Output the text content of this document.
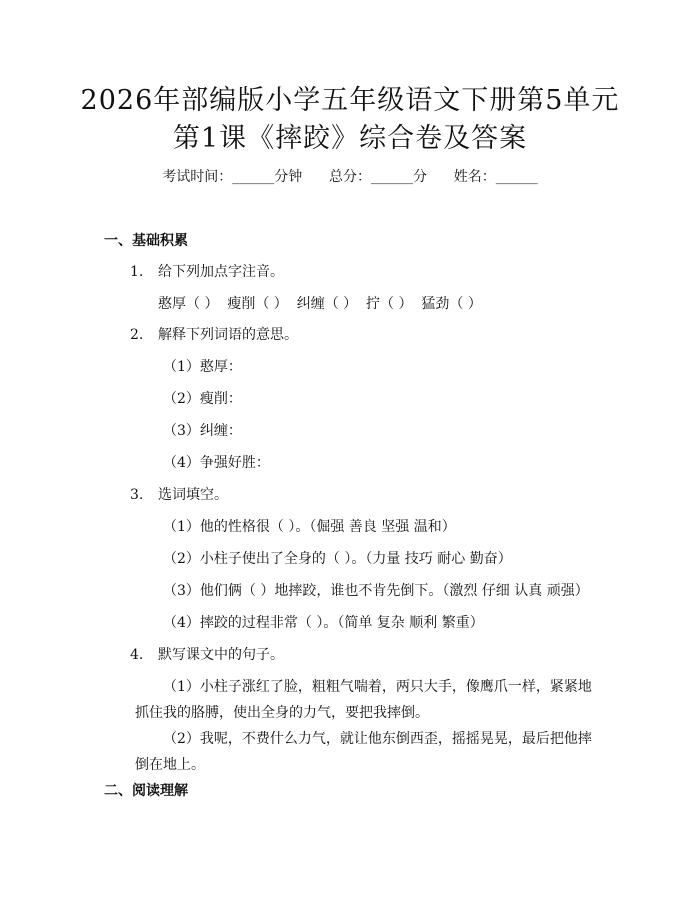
2026年部编版小学五年级语文下册第5单元
第1课《摔跤》综合卷及答案
考试时间：______分钟 总分：______分 姓名：______
一、基础积累
1.	给下列加点字注音。
憨厚（ ）  瘦削（ ）  纠缠（ ）  拧（ ）  猛劲（ ）
2.	解释下列词语的意思。
（1）憨厚：
（2）瘦削：
（3）纠缠：
（4）争强好胜：
3.	选词填空。
（1）他的性格很（ ）。（倔强 善良 坚强 温和）
（2）小柱子使出了全身的（ ）。（力量 技巧 耐心 勤奋）
（3）他们俩（ ）地摔跤，谁也不肯先倒下。（激烈 仔细 认真 顽强）
（4）摔跤的过程非常（ ）。（简单 复杂 顺利 繁重）
4.	默写课文中的句子。
（1）小柱子涨红了脸，粗粗气喘着，两只大手，像鹰爪一样，紧紧地抓住我的胳膊，使出全身的力气，要把我摔倒。
（2）我呢，不费什么力气，就让他东倒西歪，摇摇晃晃，最后把他摔倒在地上。
二、阅读理解
